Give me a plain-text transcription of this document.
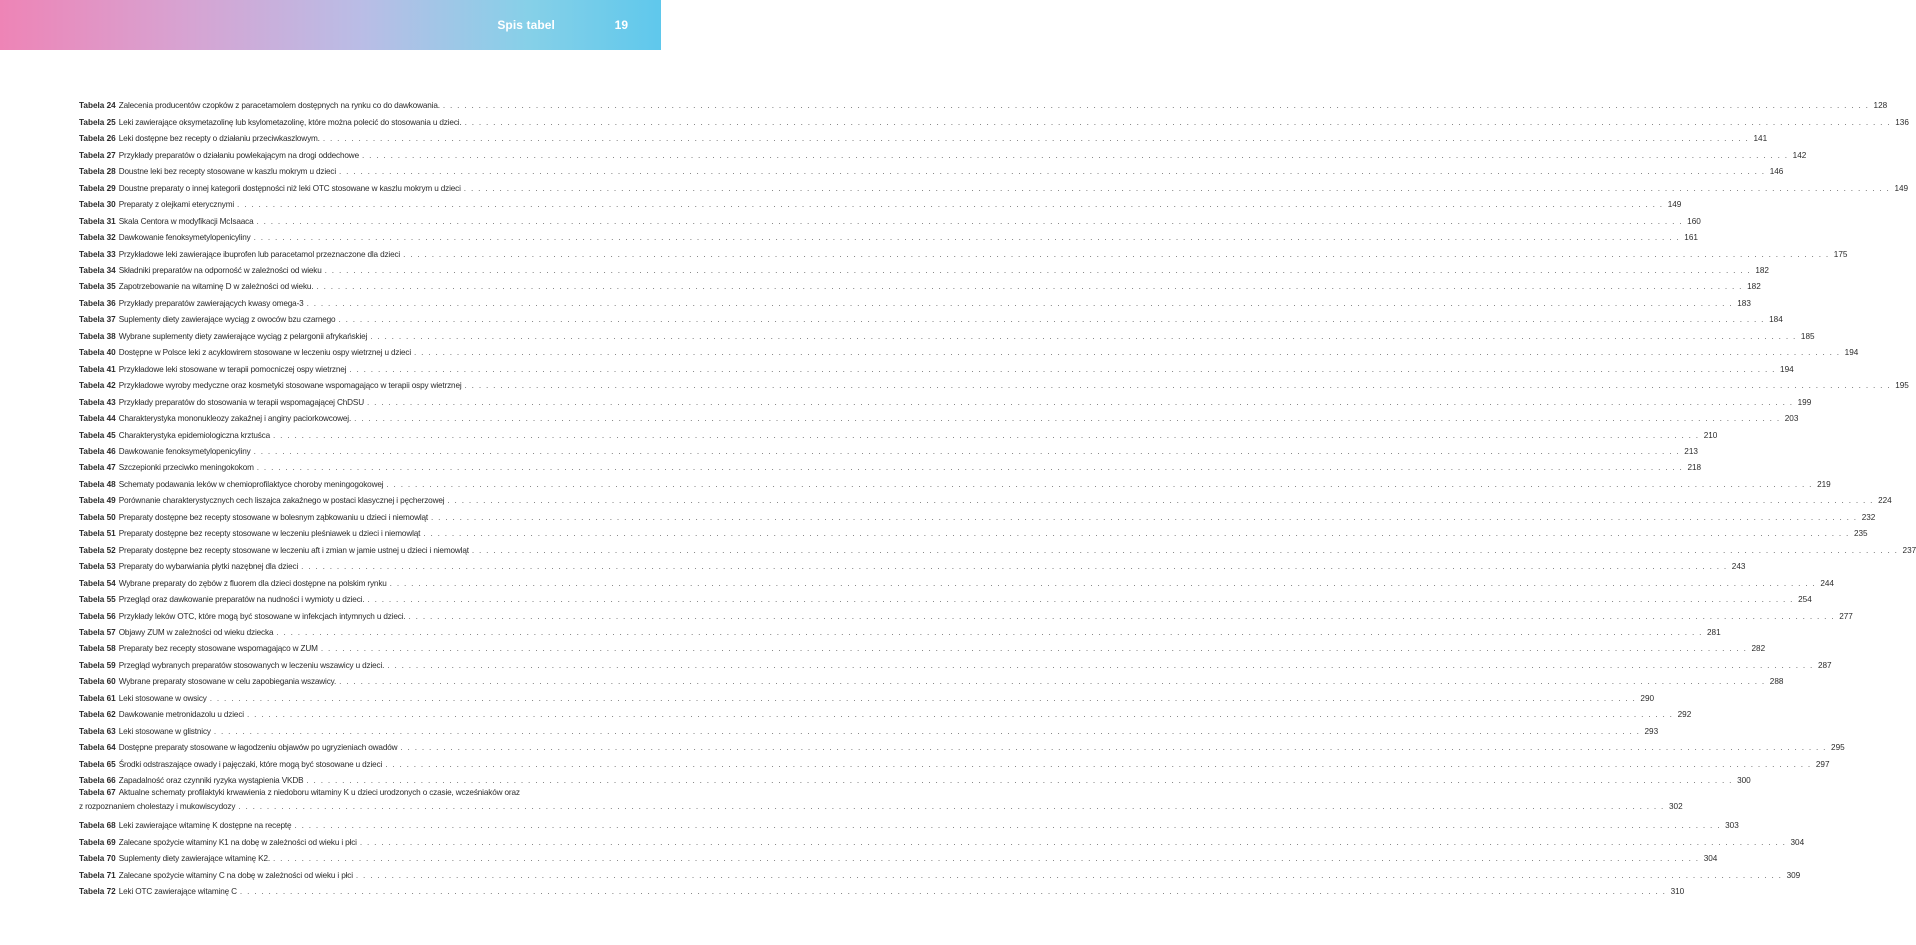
Spis tabel	19
Tabela 24 Zalecenia producentów czopków z paracetamolem dostępnych na rynku co do dawkowania. . . . . . . . . . . . . . . . . . . . . . . . . . . . . . . . . . . . . . . . . . . . . . . . . . . . . . . . . . . . . . . . . . . . . . . . . . . . . . . . . . . . . . . . . . . . . . . . . . . . . . . . . . . . . . . . . . . . . . . . . . . . . . . . . . . . . . . . . . . . . . . . . . . . . . . . . . . . . . . . . . . . . . . . . . . . . . . . . . . . . . . . . . . . . . . . . . . . . . . . . 128
Tabela 25 Leki zawierające oksymetazolinę lub ksylometazolinę, które można polecić do stosowania u dzieci. . . . . . . . . . . . . . . . . . . . . . . . . . . . . . . . . . . . . . . . . . . . . . . . . . . . . . . . . . . . . . . . . . . . . . . . . . . . . . . . . . . . . . . . . . . . . . . . . . . . . . . . . . . . . . . . . . . . . . . . . . . . . . . . . . . . . . . . . . . . . . . . . . . . . . . . . . . . . . . . . . . . . . . . . . . . . . . . . . . . . . . . . . . . . . . . . . . . . . . . . 136
Tabela 26 Leki dostępne bez recepty o działaniu przeciwkaszlowym. . . . . . . . . . . . . . . . . . . . . . . . . . . . . . . . . . . . . . . . . . . . . . . . . . . . . . . . . . . . . . . . . . . . . . . . . . . . . . . . . . . . . . . . . . . . . . . . . . . . . . . . . . . . . . . . . . . . . . . . . . . . . . . . . . . . . . . . . . . . . . . . . . . . . . . . . . . . . . . . . . . . . . . . . . . . . . . . . . . . . . . . . . . . . . . . . . . . . . . . . 141
Tabela 27 Przykłady preparatów o działaniu powlekającym na drogi oddechowe . . . . . . . . . . . . . . . . . . . . . . . . . . . . . . . . . . . . . . . . . . . . . . . . . . . . . . . . . . . . . . . . . . . . . . . . . . . . . . . . . . . . . . . . . . . . . . . . . . . . . . . . . . . . . . . . . . . . . . . . . . . . . . . . . . . . . . . . . . . . . . . . . . . . . . . . . . . . . . . . . . . . . . . . . . . . . . . . . . . . . . . . . . . . . . . . . . . . . . . . 142
Tabela 28 Doustne leki bez recepty stosowane w kaszlu mokrym u dzieci . . . . . . . . . . . . . . . . . . . . . . . . . . . . . . . . . . . . . . . . . . . . . . . . . . . . . . . . . . . . . . . . . . . . . . . . . . . . . . . . . . . . . . . . . . . . . . . . . . . . . . . . . . . . . . . . . . . . . . . . . . . . . . . . . . . . . . . . . . . . . . . . . . . . . . . . . . . . . . . . . . . . . . . . . . . . . . . . . . . . . . . . . . . . . . . . . . . . . . . . 146
Tabela 29 Doustne preparaty o innej kategorii dostępności niż leki OTC stosowane w kaszlu mokrym u dzieci . . . . . . . . . . . . . . . . . . . . . . . . . . . . . . . . . . . . . . . . . . . . . . . . . . . . . . . . . . . . . . . . . . . . . . . . . . . . . . . . . . . . . . . . . . . . . . . . . . . . . . . . . . . . . . . . . . . . . . . . . . . . . . . . . . . . . . . . . . . . . . . . . . . . . . . . . . . . . . . . . . . . . . . . . . . . . . . . . . . . . . . . . . . . . . . . . . . . . . . . 149
Tabela 30 Preparaty z olejkami eterycznymi . . . . . . . . . . . . . . . . . . . . . . . . . . . . . . . . . . . . . . . . . . . . . . . . . . . . . . . . . . . . . . . . . . . . . . . . . . . . . . . . . . . . . . . . . . . . . . . . . . . . . . . . . . . . . . . . . . . . . . . . . . . . . . . . . . . . . . . . . . . . . . . . . . . . . . . . . . . . . . . . . . . . . . . . . . . . . . . . . . . . . . . . . . . . . . . . . . . . . . . . 149
Tabela 31 Skala Centora w modyfikacji McIsaaca . . . . . . . . . . . . . . . . . . . . . . . . . . . . . . . . . . . . . . . . . . . . . . . . . . . . . . . . . . . . . . . . . . . . . . . . . . . . . . . . . . . . . . . . . . . . . . . . . . . . . . . . . . . . . . . . . . . . . . . . . . . . . . . . . . . . . . . . . . . . . . . . . . . . . . . . . . . . . . . . . . . . . . . . . . . . . . . . . . . . . . . . . . . . . . . . . . . . . . . . 160
Tabela 32 Dawkowanie fenoksymetylopenicyliny . . . . . . . . . . . . . . . . . . . . . . . . . . . . . . . . . . . . . . . . . . . . . . . . . . . . . . . . . . . . . . . . . . . . . . . . . . . . . . . . . . . . . . . . . . . . . . . . . . . . . . . . . . . . . . . . . . . . . . . . . . . . . . . . . . . . . . . . . . . . . . . . . . . . . . . . . . . . . . . . . . . . . . . . . . . . . . . . . . . . . . . . . . . . . . . . . . . . . . . . 161
Tabela 33 Przykładowe leki zawierające ibuprofen lub paracetamol przeznaczone dla dzieci . . . . . . . . . . . . . . . . . . . . . . . . . . . . . . . . . . . . . . . . . . . . . . . . . . . . . . . . . . . . . . . . . . . . . . . . . . . . . . . . . . . . . . . . . . . . . . . . . . . . . . . . . . . . . . . . . . . . . . . . . . . . . . . . . . . . . . . . . . . . . . . . . . . . . . . . . . . . . . . . . . . . . . . . . . . . . . . . . . . . . . . . . . . . . . . . . . . . . . . . 175
Tabela 34 Składniki preparatów na odporność w zależności od wieku . . . . . . . . . . . . . . . . . . . . . . . . . . . . . . . . . . . . . . . . . . . . . . . . . . . . . . . . . . . . . . . . . . . . . . . . . . . . . . . . . . . . . . . . . . . . . . . . . . . . . . . . . . . . . . . . . . . . . . . . . . . . . . . . . . . . . . . . . . . . . . . . . . . . . . . . . . . . . . . . . . . . . . . . . . . . . . . . . . . . . . . . . . . . . . . . . . . . . . . . 182
Tabela 35 Zapotrzebowanie na witaminę D w zależności od wieku. . . . . . . . . . . . . . . . . . . . . . . . . . . . . . . . . . . . . . . . . . . . . . . . . . . . . . . . . . . . . . . . . . . . . . . . . . . . . . . . . . . . . . . . . . . . . . . . . . . . . . . . . . . . . . . . . . . . . . . . . . . . . . . . . . . . . . . . . . . . . . . . . . . . . . . . . . . . . . . . . . . . . . . . . . . . . . . . . . . . . . . . . . . . . . . . . . . . . . . . . 182
Tabela 36 Przykłady preparatów zawierających kwasy omega-3 . . . . . . . . . . . . . . . . . . . . . . . . . . . . . . . . . . . . . . . . . . . . . . . . . . . . . . . . . . . . . . . . . . . . . . . . . . . . . . . . . . . . . . . . . . . . . . . . . . . . . . . . . . . . . . . . . . . . . . . . . . . . . . . . . . . . . . . . . . . . . . . . . . . . . . . . . . . . . . . . . . . . . . . . . . . . . . . . . . . . . . . . . . . . . . . . . . . . . . . . 183
Tabela 37 Suplementy diety zawierające wyciąg z owoców bzu czarnego . . . . . . . . . . . . . . . . . . . . . . . . . . . . . . . . . . . . . . . . . . . . . . . . . . . . . . . . . . . . . . . . . . . . . . . . . . . . . . . . . . . . . . . . . . . . . . . . . . . . . . . . . . . . . . . . . . . . . . . . . . . . . . . . . . . . . . . . . . . . . . . . . . . . . . . . . . . . . . . . . . . . . . . . . . . . . . . . . . . . . . . . . . . . . . . . . . . . . . . . 184
Tabela 38 Wybrane suplementy diety zawierające wyciąg z pelargonii afrykańskiej . . . . . . . . . . . . . . . . . . . . . . . . . . . . . . . . . . . . . . . . . . . . . . . . . . . . . . . . . . . . . . . . . . . . . . . . . . . . . . . . . . . . . . . . . . . . . . . . . . . . . . . . . . . . . . . . . . . . . . . . . . . . . . . . . . . . . . . . . . . . . . . . . . . . . . . . . . . . . . . . . . . . . . . . . . . . . . . . . . . . . . . . . . . . . . . . . . . . . . . . 185
Tabela 40 Dostępne w Polsce leki z acyklowirem stosowane w leczeniu ospy wietrznej u dzieci . . . . . . . . . . . . . . . . . . . . . . . . . . . . . . . . . . . . . . . . . . . . . . . . . . . . . . . . . . . . . . . . . . . . . . . . . . . . . . . . . . . . . . . . . . . . . . . . . . . . . . . . . . . . . . . . . . . . . . . . . . . . . . . . . . . . . . . . . . . . . . . . . . . . . . . . . . . . . . . . . . . . . . . . . . . . . . . . . . . . . . . . . . . . . . . . . . . . . . . . 194
Tabela 41 Przykładowe leki stosowane w terapii pomocniczej ospy wietrznej . . . . . . . . . . . . . . . . . . . . . . . . . . . . . . . . . . . . . . . . . . . . . . . . . . . . . . . . . . . . . . . . . . . . . . . . . . . . . . . . . . . . . . . . . . . . . . . . . . . . . . . . . . . . . . . . . . . . . . . . . . . . . . . . . . . . . . . . . . . . . . . . . . . . . . . . . . . . . . . . . . . . . . . . . . . . . . . . . . . . . . . . . . . . . . . . . . . . . . . . 194
Tabela 42 Przykładowe wyroby medyczne oraz kosmetyki stosowane wspomagająco w terapii ospy wietrznej . . . . . . . . . . . . . . . . . . . . . . . . . . . . . . . . . . . . . . . . . . . . . . . . . . . . . . . . . . . . . . . . . . . . . . . . . . . . . . . . . . . . . . . . . . . . . . . . . . . . . . . . . . . . . . . . . . . . . . . . . . . . . . . . . . . . . . . . . . . . . . . . . . . . . . . . . . . . . . . . . . . . . . . . . . . . . . . . . . . . . . . . . . . . . . . . . . . . . . . . 195
Tabela 43 Przykłady preparatów do stosowania w terapii wspomagającej ChDSU . . . . . . . . . . . . . . . . . . . . . . . . . . . . . . . . . . . . . . . . . . . . . . . . . . . . . . . . . . . . . . . . . . . . . . . . . . . . . . . . . . . . . . . . . . . . . . . . . . . . . . . . . . . . . . . . . . . . . . . . . . . . . . . . . . . . . . . . . . . . . . . . . . . . . . . . . . . . . . . . . . . . . . . . . . . . . . . . . . . . . . . . . . . . . . . . . . . . . . . . 199
Tabela 44 Charakterystyka mononukleozy zakaźnej i anginy paciorkowcowej. . . . . . . . . . . . . . . . . . . . . . . . . . . . . . . . . . . . . . . . . . . . . . . . . . . . . . . . . . . . . . . . . . . . . . . . . . . . . . . . . . . . . . . . . . . . . . . . . . . . . . . . . . . . . . . . . . . . . . . . . . . . . . . . . . . . . . . . . . . . . . . . . . . . . . . . . . . . . . . . . . . . . . . . . . . . . . . . . . . . . . . . . . . . . . . . . . . . . . . . . 203
Tabela 45 Charakterystyka epidemiologiczna krztuśca . . . . . . . . . . . . . . . . . . . . . . . . . . . . . . . . . . . . . . . . . . . . . . . . . . . . . . . . . . . . . . . . . . . . . . . . . . . . . . . . . . . . . . . . . . . . . . . . . . . . . . . . . . . . . . . . . . . . . . . . . . . . . . . . . . . . . . . . . . . . . . . . . . . . . . . . . . . . . . . . . . . . . . . . . . . . . . . . . . . . . . . . . . . . . . . . . . . . . . . . 210
Tabela 46 Dawkowanie fenoksymetylopenicyliny . . . . . . . . . . . . . . . . . . . . . . . . . . . . . . . . . . . . . . . . . . . . . . . . . . . . . . . . . . . . . . . . . . . . . . . . . . . . . . . . . . . . . . . . . . . . . . . . . . . . . . . . . . . . . . . . . . . . . . . . . . . . . . . . . . . . . . . . . . . . . . . . . . . . . . . . . . . . . . . . . . . . . . . . . . . . . . . . . . . . . . . . . . . . . . . . . . . . . . . . 213
Tabela 47 Szczepionki przeciwko meningokokom . . . . . . . . . . . . . . . . . . . . . . . . . . . . . . . . . . . . . . . . . . . . . . . . . . . . . . . . . . . . . . . . . . . . . . . . . . . . . . . . . . . . . . . . . . . . . . . . . . . . . . . . . . . . . . . . . . . . . . . . . . . . . . . . . . . . . . . . . . . . . . . . . . . . . . . . . . . . . . . . . . . . . . . . . . . . . . . . . . . . . . . . . . . . . . . . . . . . . . . . 218
Tabela 48 Schematy podawania leków w chemioprofilaktyce choroby meningogokowej . . . . . . . . . . . . . . . . . . . . . . . . . . . . . . . . . . . . . . . . . . . . . . . . . . . . . . . . . . . . . . . . . . . . . . . . . . . . . . . . . . . . . . . . . . . . . . . . . . . . . . . . . . . . . . . . . . . . . . . . . . . . . . . . . . . . . . . . . . . . . . . . . . . . . . . . . . . . . . . . . . . . . . . . . . . . . . . . . . . . . . . . . . . . . . . . . . . . . . . . 219
Tabela 49 Porównanie charakterystycznych cech liszajca zakaźnego w postaci klasycznej i pęcherzowej . . . . . . . . . . . . . . . . . . . . . . . . . . . . . . . . . . . . . . . . . . . . . . . . . . . . . . . . . . . . . . . . . . . . . . . . . . . . . . . . . . . . . . . . . . . . . . . . . . . . . . . . . . . . . . . . . . . . . . . . . . . . . . . . . . . . . . . . . . . . . . . . . . . . . . . . . . . . . . . . . . . . . . . . . . . . . . . . . . . . . . . . . . . . . . . . . . . . . . . . 224
Tabela 50 Preparaty dostępne bez recepty stosowane w bolesnym ząbkowaniu u dzieci i niemowląt . . . . . . . . . . . . . . . . . . . . . . . . . . . . . . . . . . . . . . . . . . . . . . . . . . . . . . . . . . . . . . . . . . . . . . . . . . . . . . . . . . . . . . . . . . . . . . . . . . . . . . . . . . . . . . . . . . . . . . . . . . . . . . . . . . . . . . . . . . . . . . . . . . . . . . . . . . . . . . . . . . . . . . . . . . . . . . . . . . . . . . . . . . . . . . . . . . . . . . . . 232
Tabela 51 Preparaty dostępne bez recepty stosowane w leczeniu pleśniawek u dzieci i niemowląt . . . . . . . . . . . . . . . . . . . . . . . . . . . . . . . . . . . . . . . . . . . . . . . . . . . . . . . . . . . . . . . . . . . . . . . . . . . . . . . . . . . . . . . . . . . . . . . . . . . . . . . . . . . . . . . . . . . . . . . . . . . . . . . . . . . . . . . . . . . . . . . . . . . . . . . . . . . . . . . . . . . . . . . . . . . . . . . . . . . . . . . . . . . . . . . . . . . . . . . . 235
Tabela 52 Preparaty dostępne bez recepty stosowane w leczeniu aft i zmian w jamie ustnej u dzieci i niemowląt . . . . . . . . . . . . . . . . . . . . . . . . . . . . . . . . . . . . . . . . . . . . . . . . . . . . . . . . . . . . . . . . . . . . . . . . . . . . . . . . . . . . . . . . . . . . . . . . . . . . . . . . . . . . . . . . . . . . . . . . . . . . . . . . . . . . . . . . . . . . . . . . . . . . . . . . . . . . . . . . . . . . . . . . . . . . . . . . . . . . . . . . . . . . . . . . . . . . . . . . 237
Tabela 53 Preparaty do wybarwiania płytki nazębnej dla dzieci . . . . . . . . . . . . . . . . . . . . . . . . . . . . . . . . . . . . . . . . . . . . . . . . . . . . . . . . . . . . . . . . . . . . . . . . . . . . . . . . . . . . . . . . . . . . . . . . . . . . . . . . . . . . . . . . . . . . . . . . . . . . . . . . . . . . . . . . . . . . . . . . . . . . . . . . . . . . . . . . . . . . . . . . . . . . . . . . . . . . . . . . . . . . . . . . . . . . . . . . 243
Tabela 54 Wybrane preparaty do zębów z fluorem dla dzieci dostępne na polskim rynku . . . . . . . . . . . . . . . . . . . . . . . . . . . . . . . . . . . . . . . . . . . . . . . . . . . . . . . . . . . . . . . . . . . . . . . . . . . . . . . . . . . . . . . . . . . . . . . . . . . . . . . . . . . . . . . . . . . . . . . . . . . . . . . . . . . . . . . . . . . . . . . . . . . . . . . . . . . . . . . . . . . . . . . . . . . . . . . . . . . . . . . . . . . . . . . . . . . . . . . . 244
Tabela 55 Przegląd oraz dawkowanie preparatów na nudności i wymioty u dzieci. . . . . . . . . . . . . . . . . . . . . . . . . . . . . . . . . . . . . . . . . . . . . . . . . . . . . . . . . . . . . . . . . . . . . . . . . . . . . . . . . . . . . . . . . . . . . . . . . . . . . . . . . . . . . . . . . . . . . . . . . . . . . . . . . . . . . . . . . . . . . . . . . . . . . . . . . . . . . . . . . . . . . . . . . . . . . . . . . . . . . . . . . . . . . . . . . . . . . . . . . 254
Tabela 56 Przykłady leków OTC, które mogą być stosowane w infekcjach intymnych u dzieci. . . . . . . . . . . . . . . . . . . . . . . . . . . . . . . . . . . . . . . . . . . . . . . . . . . . . . . . . . . . . . . . . . . . . . . . . . . . . . . . . . . . . . . . . . . . . . . . . . . . . . . . . . . . . . . . . . . . . . . . . . . . . . . . . . . . . . . . . . . . . . . . . . . . . . . . . . . . . . . . . . . . . . . . . . . . . . . . . . . . . . . . . . . . . . . . . . . . . . . . . 277
Tabela 57 Objawy ZUM w zależności od wieku dziecka . . . . . . . . . . . . . . . . . . . . . . . . . . . . . . . . . . . . . . . . . . . . . . . . . . . . . . . . . . . . . . . . . . . . . . . . . . . . . . . . . . . . . . . . . . . . . . . . . . . . . . . . . . . . . . . . . . . . . . . . . . . . . . . . . . . . . . . . . . . . . . . . . . . . . . . . . . . . . . . . . . . . . . . . . . . . . . . . . . . . . . . . . . . . . . . . . . . . . . . . 281
Tabela 58 Preparaty bez recepty stosowane wspomagająco w ZUM . . . . . . . . . . . . . . . . . . . . . . . . . . . . . . . . . . . . . . . . . . . . . . . . . . . . . . . . . . . . . . . . . . . . . . . . . . . . . . . . . . . . . . . . . . . . . . . . . . . . . . . . . . . . . . . . . . . . . . . . . . . . . . . . . . . . . . . . . . . . . . . . . . . . . . . . . . . . . . . . . . . . . . . . . . . . . . . . . . . . . . . . . . . . . . . . . . . . . . . . 282
Tabela 59 Przegląd wybranych preparatów stosowanych w leczeniu wszawicy u dzieci. . . . . . . . . . . . . . . . . . . . . . . . . . . . . . . . . . . . . . . . . . . . . . . . . . . . . . . . . . . . . . . . . . . . . . . . . . . . . . . . . . . . . . . . . . . . . . . . . . . . . . . . . . . . . . . . . . . . . . . . . . . . . . . . . . . . . . . . . . . . . . . . . . . . . . . . . . . . . . . . . . . . . . . . . . . . . . . . . . . . . . . . . . . . . . . . . . . . . . . . . 287
Tabela 60 Wybrane preparaty stosowane w celu zapobiegania wszawicy. . . . . . . . . . . . . . . . . . . . . . . . . . . . . . . . . . . . . . . . . . . . . . . . . . . . . . . . . . . . . . . . . . . . . . . . . . . . . . . . . . . . . . . . . . . . . . . . . . . . . . . . . . . . . . . . . . . . . . . . . . . . . . . . . . . . . . . . . . . . . . . . . . . . . . . . . . . . . . . . . . . . . . . . . . . . . . . . . . . . . . . . . . . . . . . . . . . . . . . . . 288
Tabela 61 Leki stosowane w owsicy . . . . . . . . . . . . . . . . . . . . . . . . . . . . . . . . . . . . . . . . . . . . . . . . . . . . . . . . . . . . . . . . . . . . . . . . . . . . . . . . . . . . . . . . . . . . . . . . . . . . . . . . . . . . . . . . . . . . . . . . . . . . . . . . . . . . . . . . . . . . . . . . . . . . . . . . . . . . . . . . . . . . . . . . . . . . . . . . . . . . . . . . . . . . . . . . . . . . . . . . 290
Tabela 62 Dawkowanie metronidazolu u dzieci . . . . . . . . . . . . . . . . . . . . . . . . . . . . . . . . . . . . . . . . . . . . . . . . . . . . . . . . . . . . . . . . . . . . . . . . . . . . . . . . . . . . . . . . . . . . . . . . . . . . . . . . . . . . . . . . . . . . . . . . . . . . . . . . . . . . . . . . . . . . . . . . . . . . . . . . . . . . . . . . . . . . . . . . . . . . . . . . . . . . . . . . . . . . . . . . . . . . . . . . 292
Tabela 63 Leki stosowane w glistnicy . . . . . . . . . . . . . . . . . . . . . . . . . . . . . . . . . . . . . . . . . . . . . . . . . . . . . . . . . . . . . . . . . . . . . . . . . . . . . . . . . . . . . . . . . . . . . . . . . . . . . . . . . . . . . . . . . . . . . . . . . . . . . . . . . . . . . . . . . . . . . . . . . . . . . . . . . . . . . . . . . . . . . . . . . . . . . . . . . . . . . . . . . . . . . . . . . . . . . . . . 293
Tabela 64 Dostępne preparaty stosowane w łagodzeniu objawów po ugryzieniach owadów . . . . . . . . . . . . . . . . . . . . . . . . . . . . . . . . . . . . . . . . . . . . . . . . . . . . . . . . . . . . . . . . . . . . . . . . . . . . . . . . . . . . . . . . . . . . . . . . . . . . . . . . . . . . . . . . . . . . . . . . . . . . . . . . . . . . . . . . . . . . . . . . . . . . . . . . . . . . . . . . . . . . . . . . . . . . . . . . . . . . . . . . . . . . . . . . . . . . . . . . 295
Tabela 65 Środki odstraszające owady i pajęczaki, które mogą być stosowane u dzieci . . . . . . . . . . . . . . . . . . . . . . . . . . . . . . . . . . . . . . . . . . . . . . . . . . . . . . . . . . . . . . . . . . . . . . . . . . . . . . . . . . . . . . . . . . . . . . . . . . . . . . . . . . . . . . . . . . . . . . . . . . . . . . . . . . . . . . . . . . . . . . . . . . . . . . . . . . . . . . . . . . . . . . . . . . . . . . . . . . . . . . . . . . . . . . . . . . . . . . . . 297
Tabela 66 Zapadalność oraz czynniki ryzyka wystąpienia VKDB . . . . . . . . . . . . . . . . . . . . . . . . . . . . . . . . . . . . . . . . . . . . . . . . . . . . . . . . . . . . . . . . . . . . . . . . . . . . . . . . . . . . . . . . . . . . . . . . . . . . . . . . . . . . . . . . . . . . . . . . . . . . . . . . . . . . . . . . . . . . . . . . . . . . . . . . . . . . . . . . . . . . . . . . . . . . . . . . . . . . . . . . . . . . . . . . . . . . . . . . 300
Tabela 67 Aktualne schematy profilaktyki krwawienia z niedoboru witaminy K u dzieci urodzonych o czasie, wcześniaków oraz
z rozpoznaniem cholestazy i mukowiscydozy . . . . . . . . . . . . . . . . . . . . . . . . . . . . . . . . . . . . . . . . . . . . . . . . . . . . . . . . . . . . . . . . . . . . . . . . . . . . . . . . . . . . . . . . . . . . . . . . . . . . . . . . . . . . . . . . . . . . . . . . . . . . . . . . . . . . . . . . . . . . . . . . . . . . . . . . . . . . . . . . . . . . . . . . . . . . . . . . . . . . . . . . . . . . . . . . . . . . . . . . 302
Tabela 68 Leki zawierające witaminę K dostępne na receptę . . . . . . . . . . . . . . . . . . . . . . . . . . . . . . . . . . . . . . . . . . . . . . . . . . . . . . . . . . . . . . . . . . . . . . . . . . . . . . . . . . . . . . . . . . . . . . . . . . . . . . . . . . . . . . . . . . . . . . . . . . . . . . . . . . . . . . . . . . . . . . . . . . . . . . . . . . . . . . . . . . . . . . . . . . . . . . . . . . . . . . . . . . . . . . . . . . . . . . . . 303
Tabela 69 Zalecane spożycie witaminy K1 na dobę w zależności od wieku i płci . . . . . . . . . . . . . . . . . . . . . . . . . . . . . . . . . . . . . . . . . . . . . . . . . . . . . . . . . . . . . . . . . . . . . . . . . . . . . . . . . . . . . . . . . . . . . . . . . . . . . . . . . . . . . . . . . . . . . . . . . . . . . . . . . . . . . . . . . . . . . . . . . . . . . . . . . . . . . . . . . . . . . . . . . . . . . . . . . . . . . . . . . . . . . . . . . . . . . . . . 304
Tabela 70 Suplementy diety zawierające witaminę K2. . . . . . . . . . . . . . . . . . . . . . . . . . . . . . . . . . . . . . . . . . . . . . . . . . . . . . . . . . . . . . . . . . . . . . . . . . . . . . . . . . . . . . . . . . . . . . . . . . . . . . . . . . . . . . . . . . . . . . . . . . . . . . . . . . . . . . . . . . . . . . . . . . . . . . . . . . . . . . . . . . . . . . . . . . . . . . . . . . . . . . . . . . . . . . . . . . . . . . . . . 304
Tabela 71 Zalecane spożycie witaminy C na dobę w zależności od wieku i płci . . . . . . . . . . . . . . . . . . . . . . . . . . . . . . . . . . . . . . . . . . . . . . . . . . . . . . . . . . . . . . . . . . . . . . . . . . . . . . . . . . . . . . . . . . . . . . . . . . . . . . . . . . . . . . . . . . . . . . . . . . . . . . . . . . . . . . . . . . . . . . . . . . . . . . . . . . . . . . . . . . . . . . . . . . . . . . . . . . . . . . . . . . . . . . . . . . . . . . . . 309
Tabela 72 Leki OTC zawierające witaminę C . . . . . . . . . . . . . . . . . . . . . . . . . . . . . . . . . . . . . . . . . . . . . . . . . . . . . . . . . . . . . . . . . . . . . . . . . . . . . . . . . . . . . . . . . . . . . . . . . . . . . . . . . . . . . . . . . . . . . . . . . . . . . . . . . . . . . . . . . . . . . . . . . . . . . . . . . . . . . . . . . . . . . . . . . . . . . . . . . . . . . . . . . . . . . . . . . . . . . . . . 310
